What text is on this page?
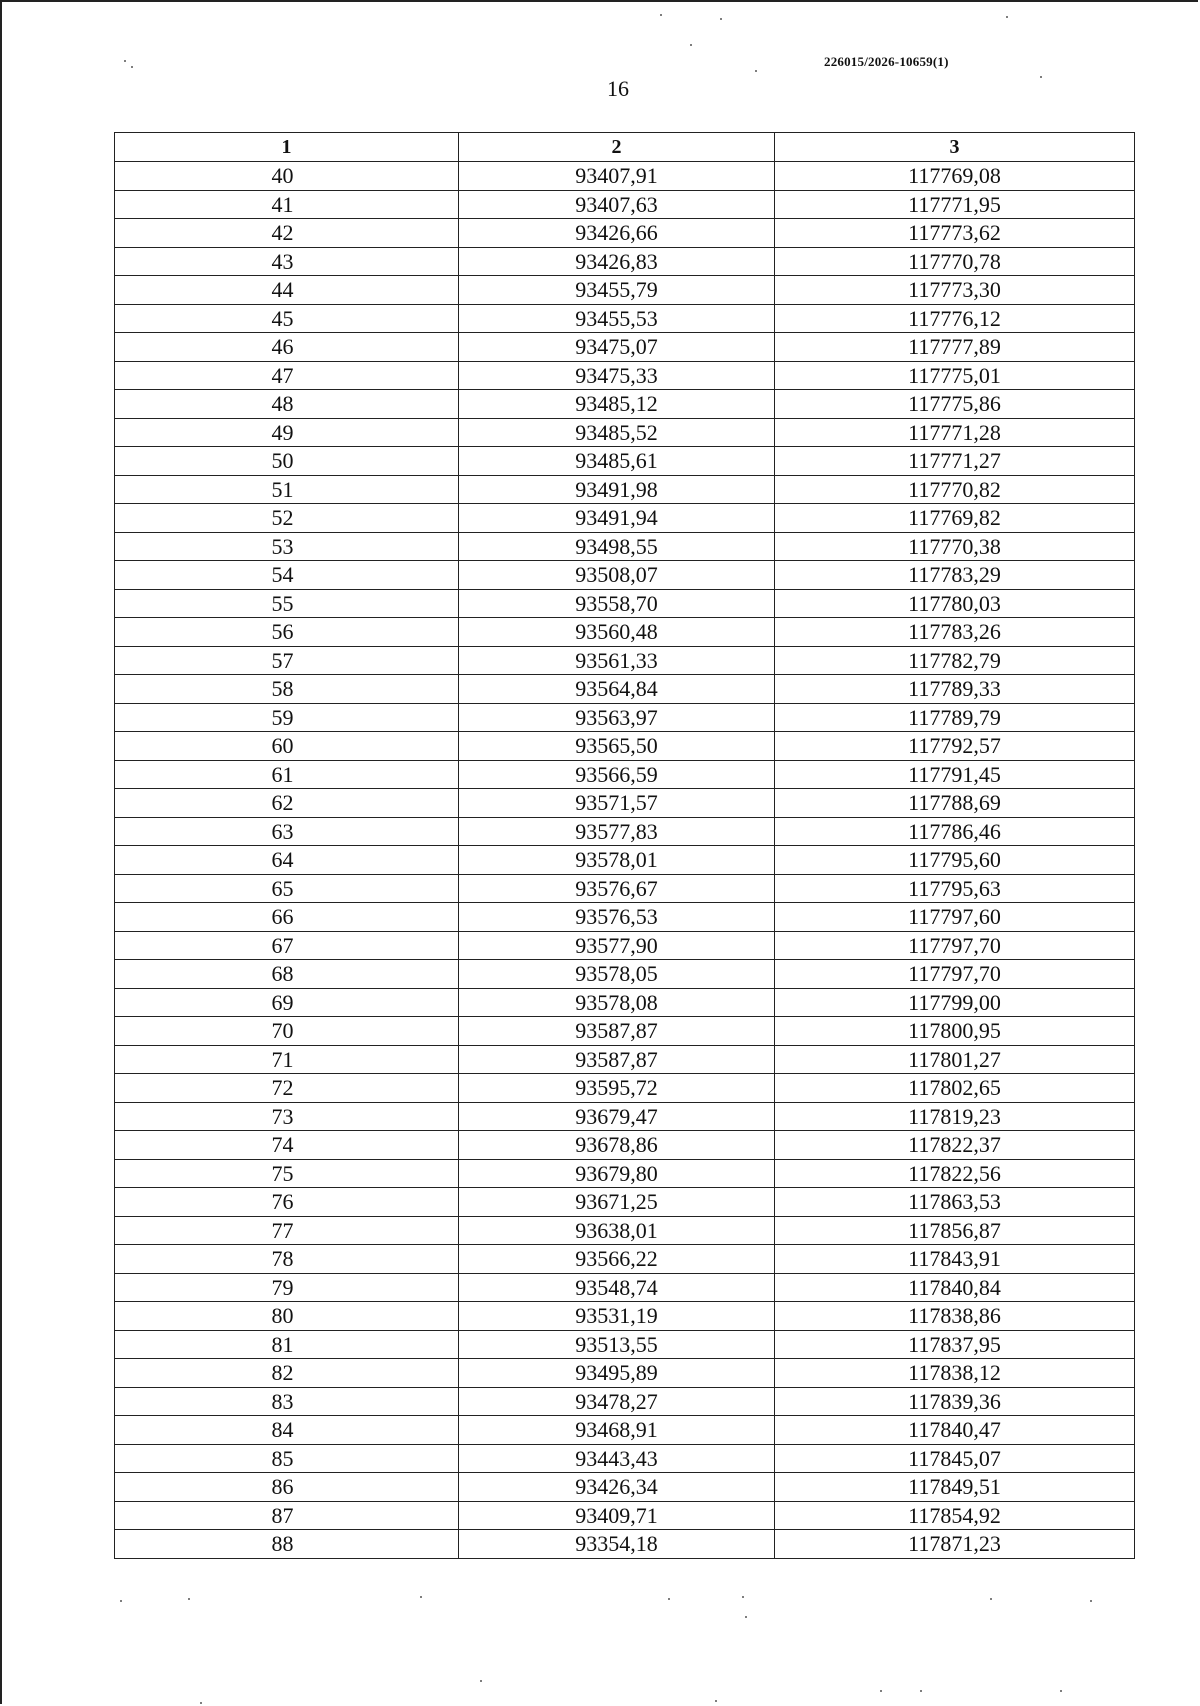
226015/2026-10659(1)
16
1	2	3
40	93407,91	117769,08
41	93407,63	117771,95
42	93426,66	117773,62
43	93426,83	117770,78
44	93455,79	117773,30
45	93455,53	117776,12
46	93475,07	117777,89
47	93475,33	117775,01
48	93485,12	117775,86
49	93485,52	117771,28
50	93485,61	117771,27
51	93491,98	117770,82
52	93491,94	117769,82
53	93498,55	117770,38
54	93508,07	117783,29
55	93558,70	117780,03
56	93560,48	117783,26
57	93561,33	117782,79
58	93564,84	117789,33
59	93563,97	117789,79
60	93565,50	117792,57
61	93566,59	117791,45
62	93571,57	117788,69
63	93577,83	117786,46
64	93578,01	117795,60
65	93576,67	117795,63
66	93576,53	117797,60
67	93577,90	117797,70
68	93578,05	117797,70
69	93578,08	117799,00
70	93587,87	117800,95
71	93587,87	117801,27
72	93595,72	117802,65
73	93679,47	117819,23
74	93678,86	117822,37
75	93679,80	117822,56
76	93671,25	117863,53
77	93638,01	117856,87
78	93566,22	117843,91
79	93548,74	117840,84
80	93531,19	117838,86
81	93513,55	117837,95
82	93495,89	117838,12
83	93478,27	117839,36
84	93468,91	117840,47
85	93443,43	117845,07
86	93426,34	117849,51
87	93409,71	117854,92
88	93354,18	117871,23
